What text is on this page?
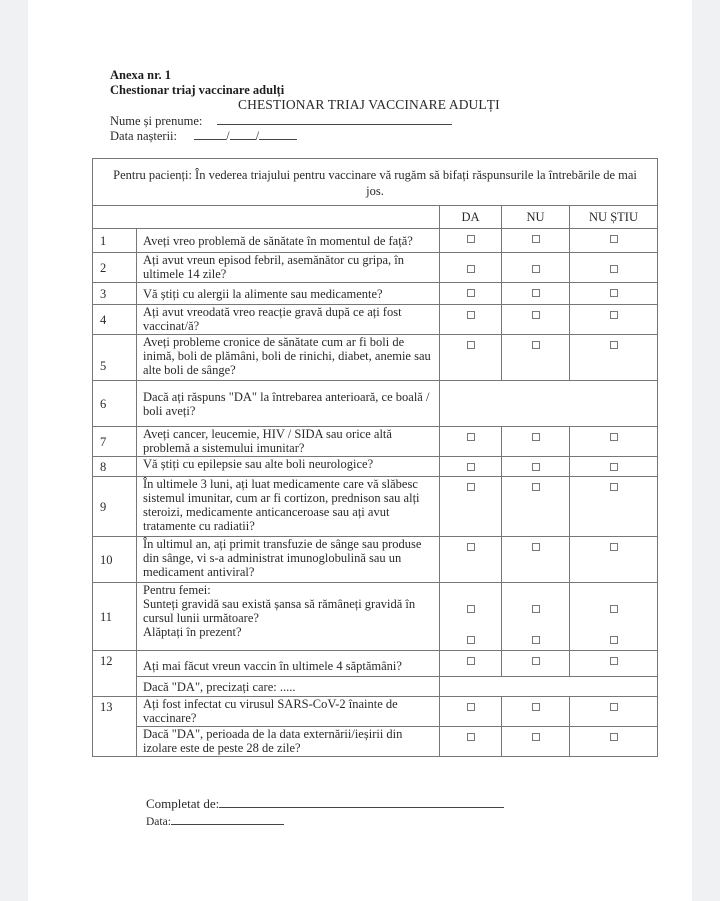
Anexa nr. 1
Chestionar triaj vaccinare adulți
CHESTIONAR TRIAJ VACCINARE ADULȚI
Nume și prenume:
Data nașterii:	/ /
Pentru pacienți: În vederea triajului pentru vaccinare vă rugăm să bifați răspunsurile la întrebările de mai jos.				
		DA	NU	NU ȘTIU
1	Aveți vreo problemă de sănătate în momentul de față?			
2	Ați avut vreun episod febril, asemănător cu gripa, în ultimele 14 zile?			
3	Vă știți cu alergii la alimente sau medicamente?			
4	Ați avut vreodată vreo reacție gravă după ce ați fost vaccinat/ă?			
5	Aveți probleme cronice de sănătate cum ar fi boli de inimă, boli de plămâni, boli de rinichi, diabet, anemie sau alte boli de sânge?			
6	Dacă ați răspuns "DA" la întrebarea anterioară, ce boală / boli aveți?			
7	Aveți cancer, leucemie, HIV / SIDA sau orice altă problemă a sistemului imunitar?			
8	Vă știți cu epilepsie sau alte boli neurologice?			
9	În ultimele 3 luni, ați luat medicamente care vă slăbesc sistemul imunitar, cum ar fi cortizon, prednison sau alți steroizi, medicamente anticanceroase sau ați avut tratamente cu radiatii?			
10	În ultimul an, ați primit transfuzie de sânge sau produse din sânge, vi s-a administrat imunoglobulină sau un medicament antiviral?			
11	Pentru femei:
Sunteți gravidă sau există șansa să rămâneți gravidă în cursul lunii următoare?
Alăptați în prezent?			

12	Ați mai făcut vreun vaccin în ultimele 4 săptămâni?			
	Dacă "DA", precizați care: .....			
13	Ați fost infectat cu virusul SARS-CoV-2 înainte de vaccinare?			
	Dacă "DA", perioada de la data externării/ieșirii din izolare este de peste 28 de zile?			
Completat de:
Data:
